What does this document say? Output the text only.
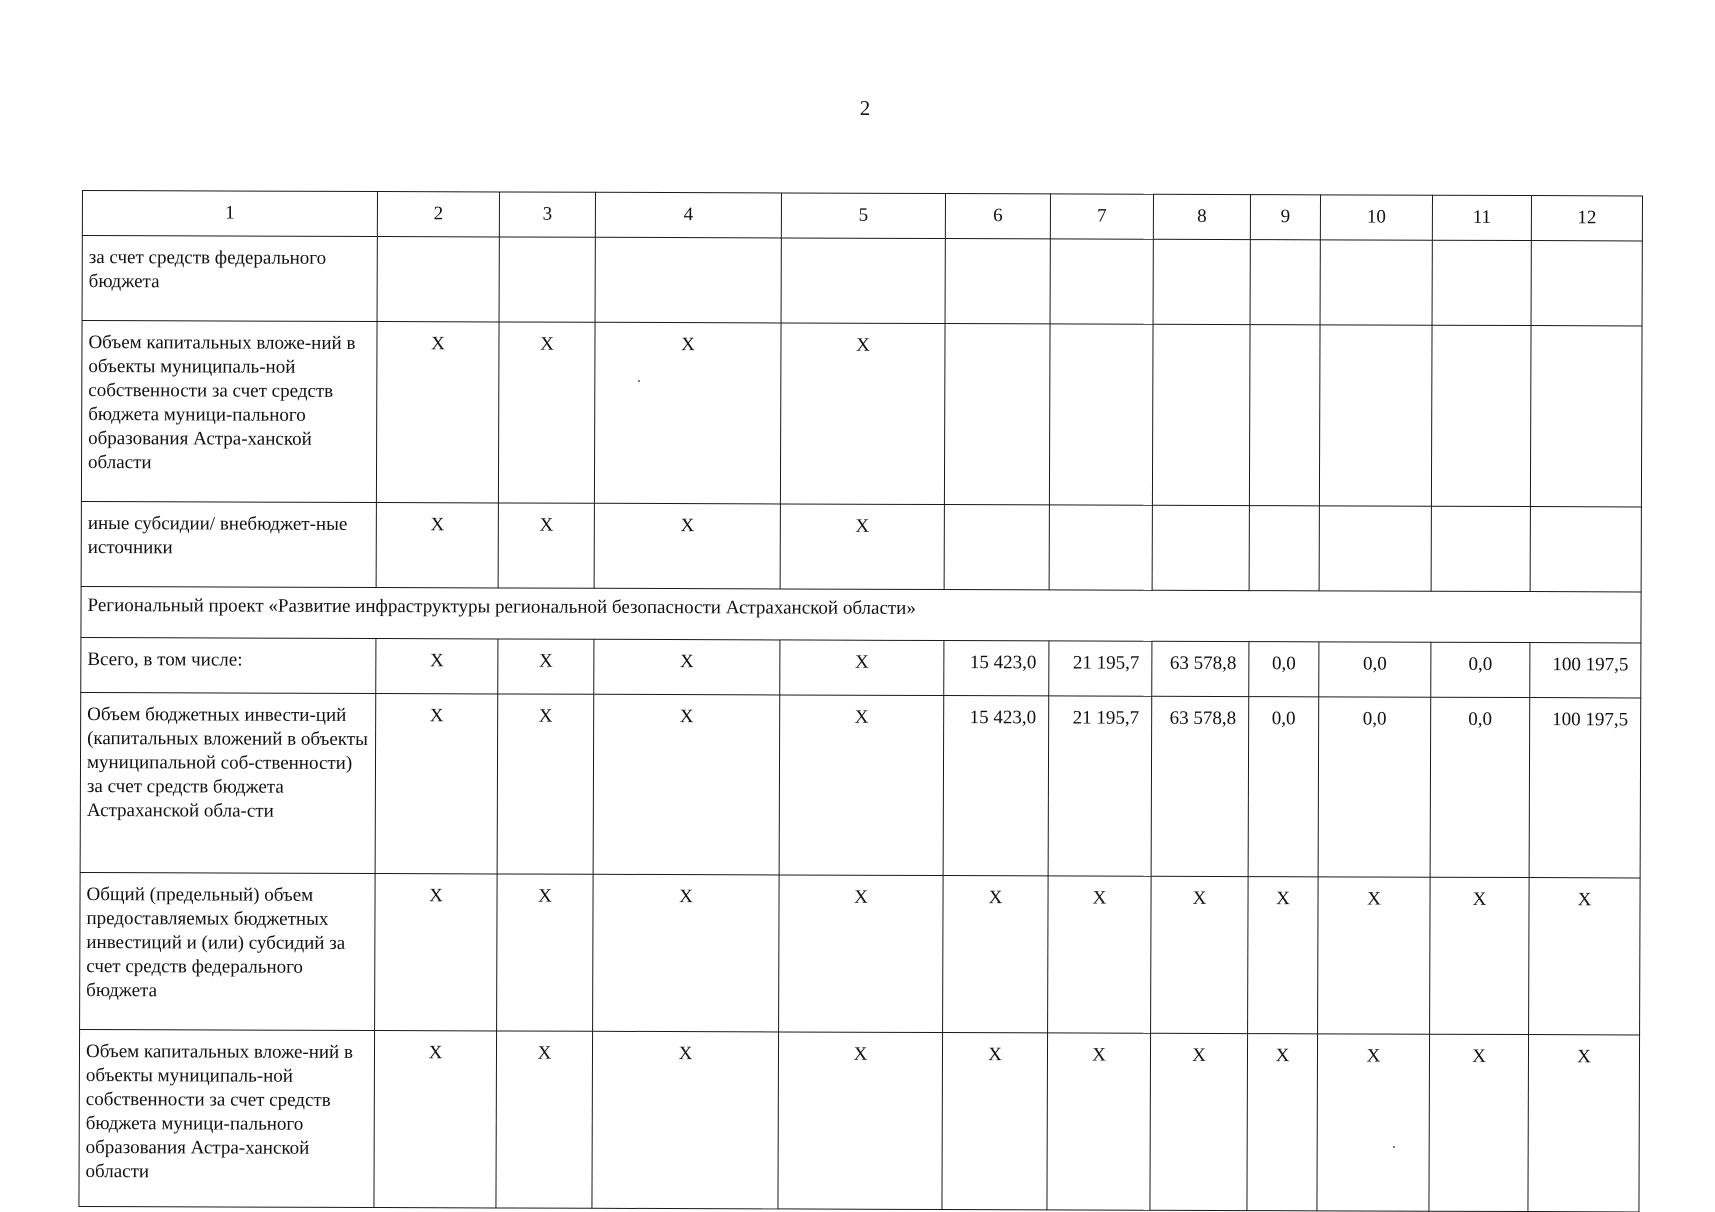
2
1	2	3	4	5	6	7	8	9	10	11	12
за счет средств федерального бюджета											
Объем капитальных вложе-ний в объекты муниципаль-ной собственности за счет средств бюджета муници-пального образования Астра-ханской области	X	X	X	X							
иные субсидии/ внебюджет-ные источники	X	X	X	X							
Региональный проект «Развитие инфраструктуры региональной безопасности Астраханской области»											
Всего, в том числе:	X	X	X	X	15 423,0	21 195,7	63 578,8	0,0	0,0	0,0	100 197,5
Объем бюджетных инвести-ций (капитальных вложений в объекты муниципальной соб-ственности) за счет средств бюджета Астраханской обла-сти	X	X	X	X	15 423,0	21 195,7	63 578,8	0,0	0,0	0,0	100 197,5
Общий (предельный) объем предоставляемых бюджетных инвестиций и (или) субсидий за счет средств федерального бюджета	X	X	X	X	X	X	X	X	X	X	X
Объем капитальных вложе-ний в объекты муниципаль-ной собственности за счет средств бюджета муници-пального образования Астра-ханской области	X	X	X	X	X	X	X	X	X	X	X
